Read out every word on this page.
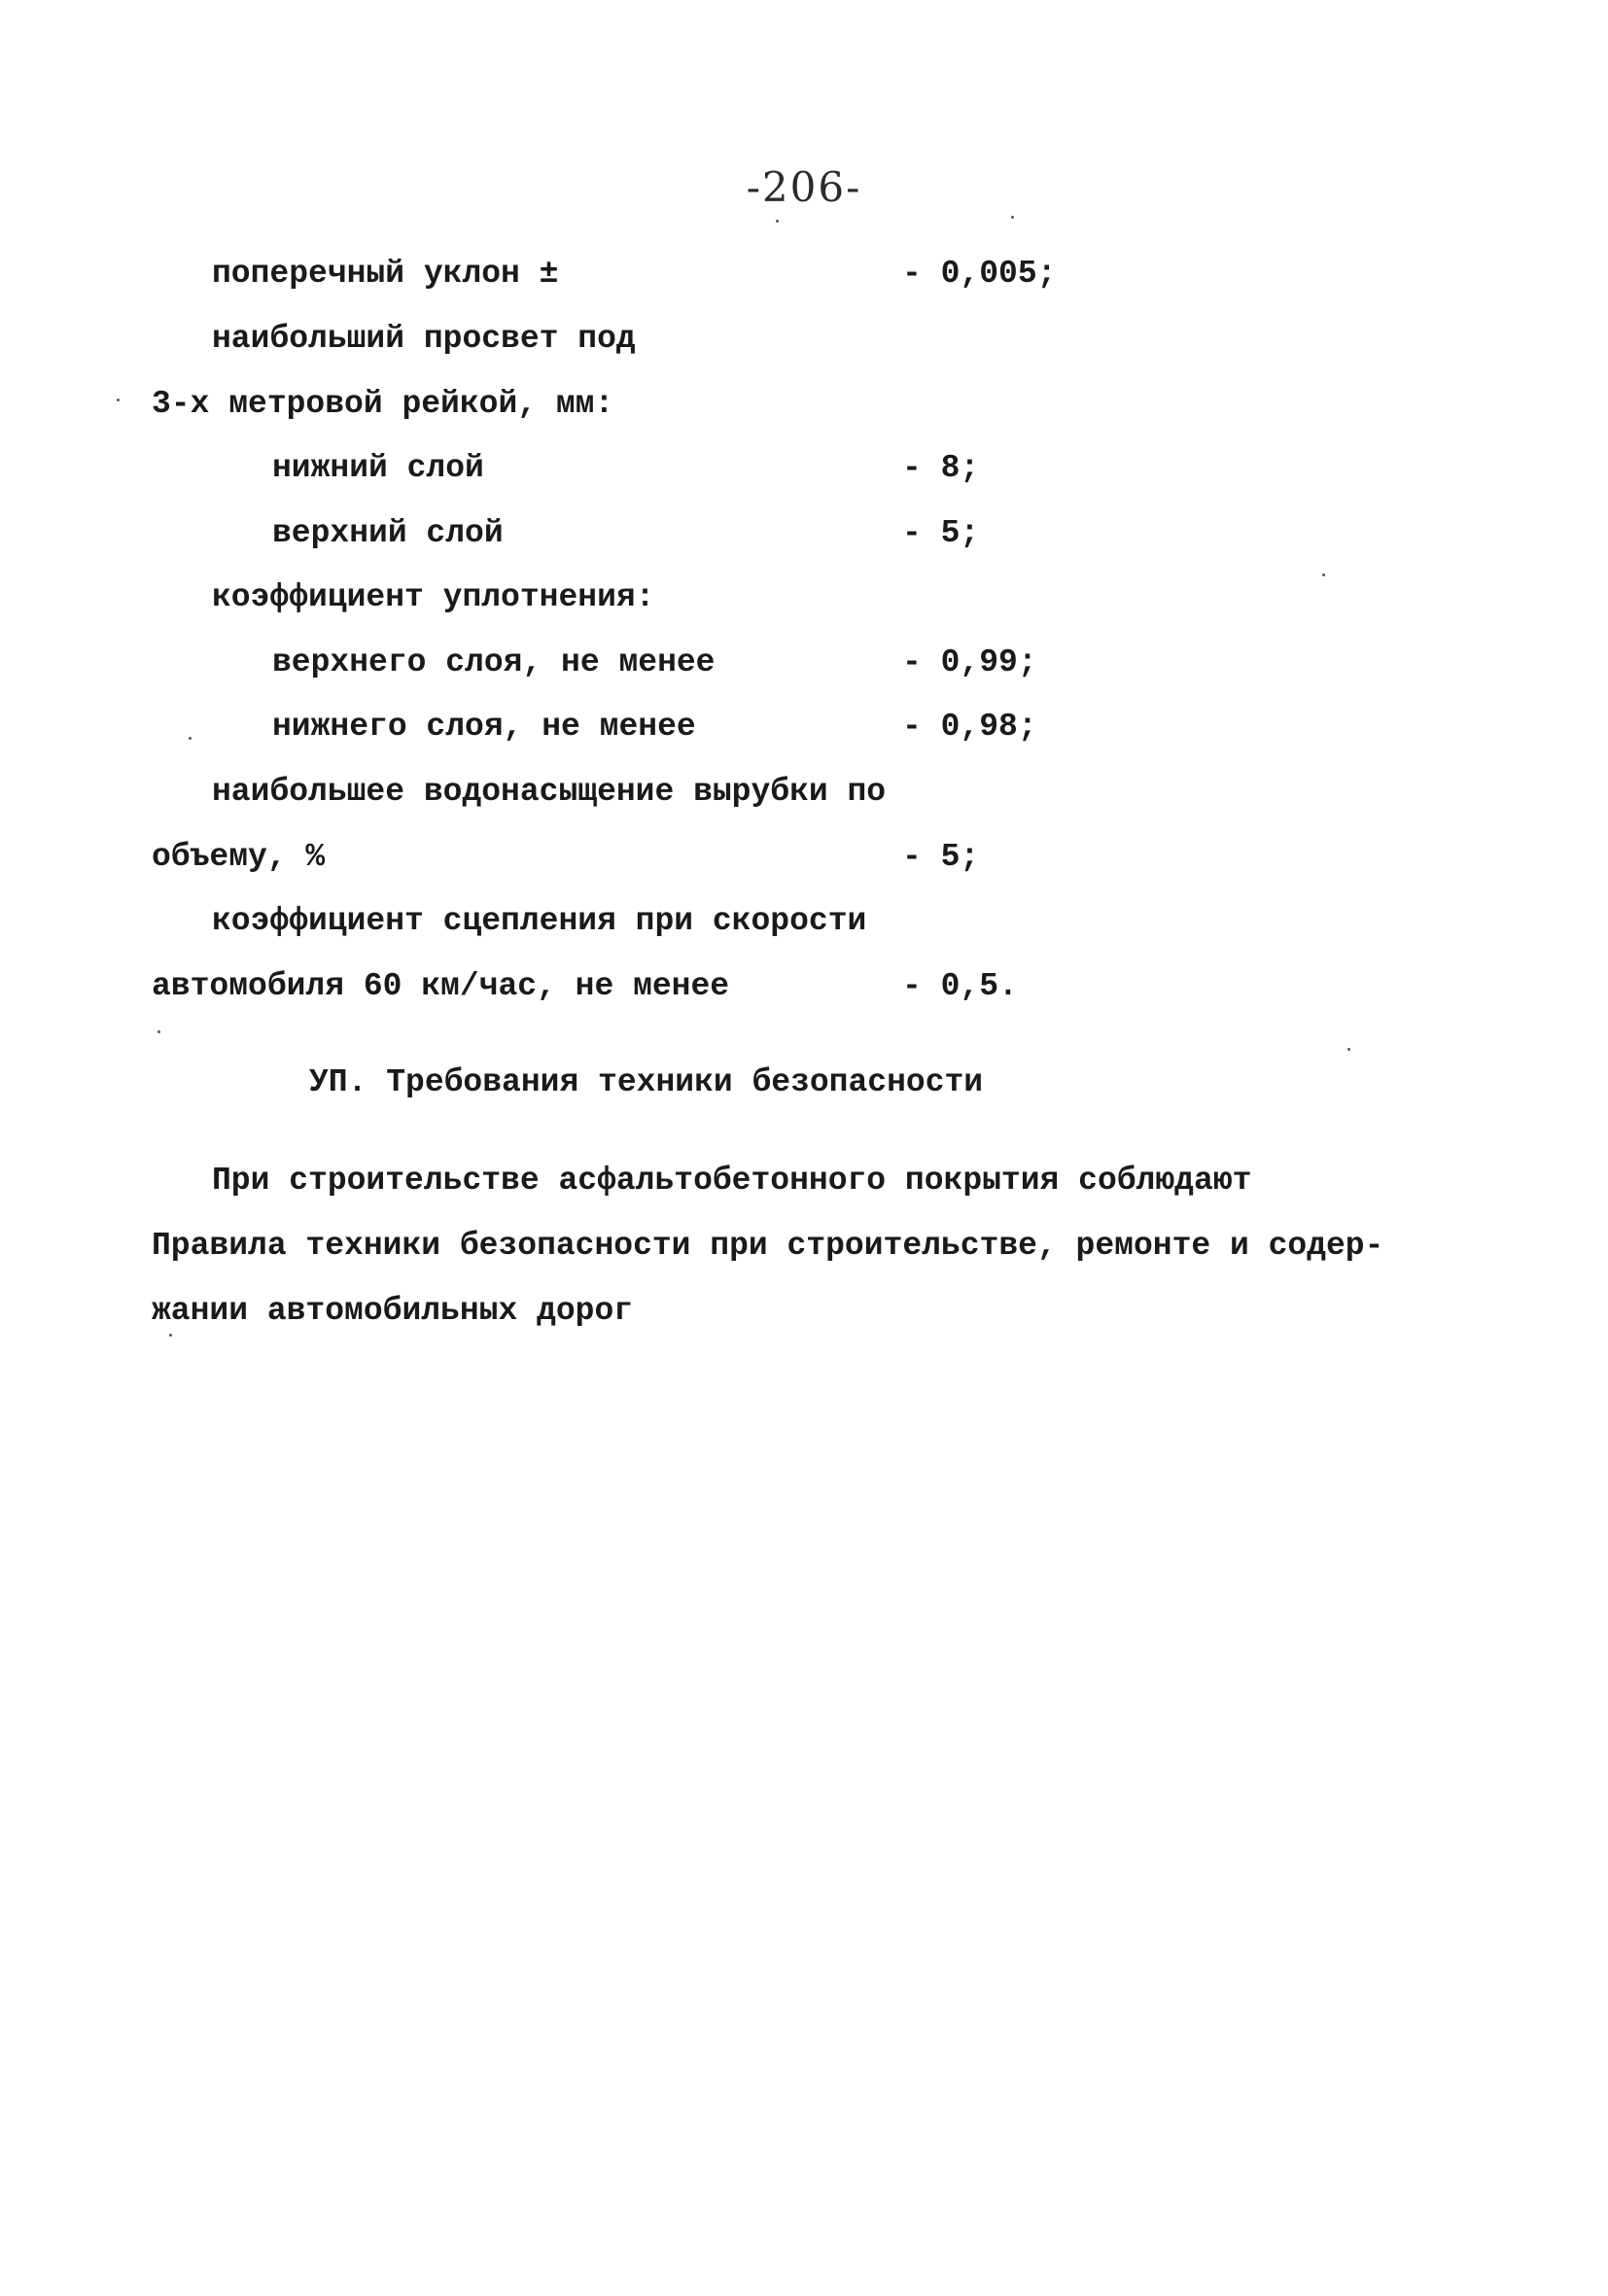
-206-
поперечный уклон ±	- 0,005;
наибольший просвет под
3-х метровой рейкой, мм:
нижний слой	- 8;
верхний слой	- 5;
коэффициент уплотнения:
верхнего слоя, не менее	- 0,99;
нижнего слоя, не менее	- 0,98;
наибольшее водонасыщение вырубки по
объему, %	- 5;
коэффициент сцепления при скорости
автомобиля 60 км/час, не менее	- 0,5.
УП. Требования техники безопасности
При строительстве асфальтобетонного покрытия соблюдают
Правила техники безопасности при строительстве, ремонте и содер-
жании автомобильных дорог
